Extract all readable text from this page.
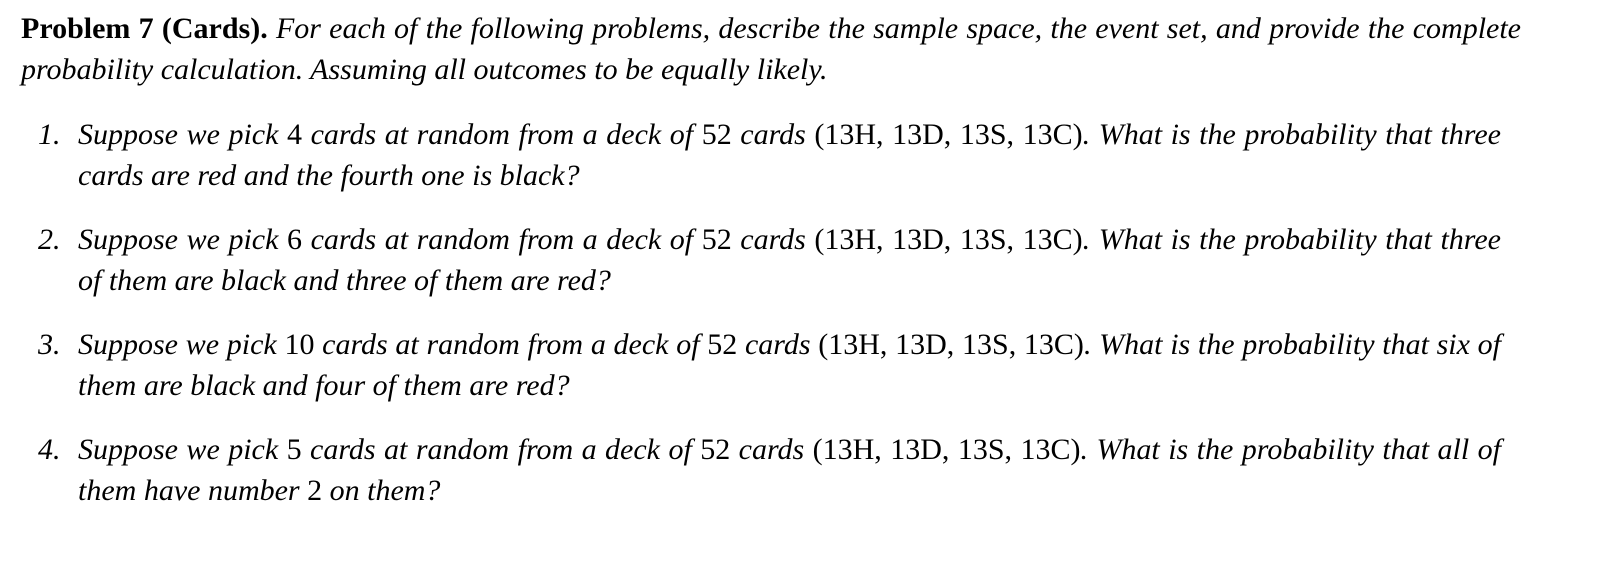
Problem 7 (Cards). For each of the following problems, describe the sample space, the event set, and provide the complete probability calculation. Assuming all outcomes to be equally likely.

1. Suppose we pick 4 cards at random from a deck of 52 cards (13H, 13D, 13S, 13C). What is the probability that three cards are red and the fourth one is black?
2. Suppose we pick 6 cards at random from a deck of 52 cards (13H, 13D, 13S, 13C). What is the probability that three of them are black and three of them are red?
3. Suppose we pick 10 cards at random from a deck of 52 cards (13H, 13D, 13S, 13C). What is the probability that six of them are black and four of them are red?
4. Suppose we pick 5 cards at random from a deck of 52 cards (13H, 13D, 13S, 13C). What is the probability that all of them have number 2 on them?
